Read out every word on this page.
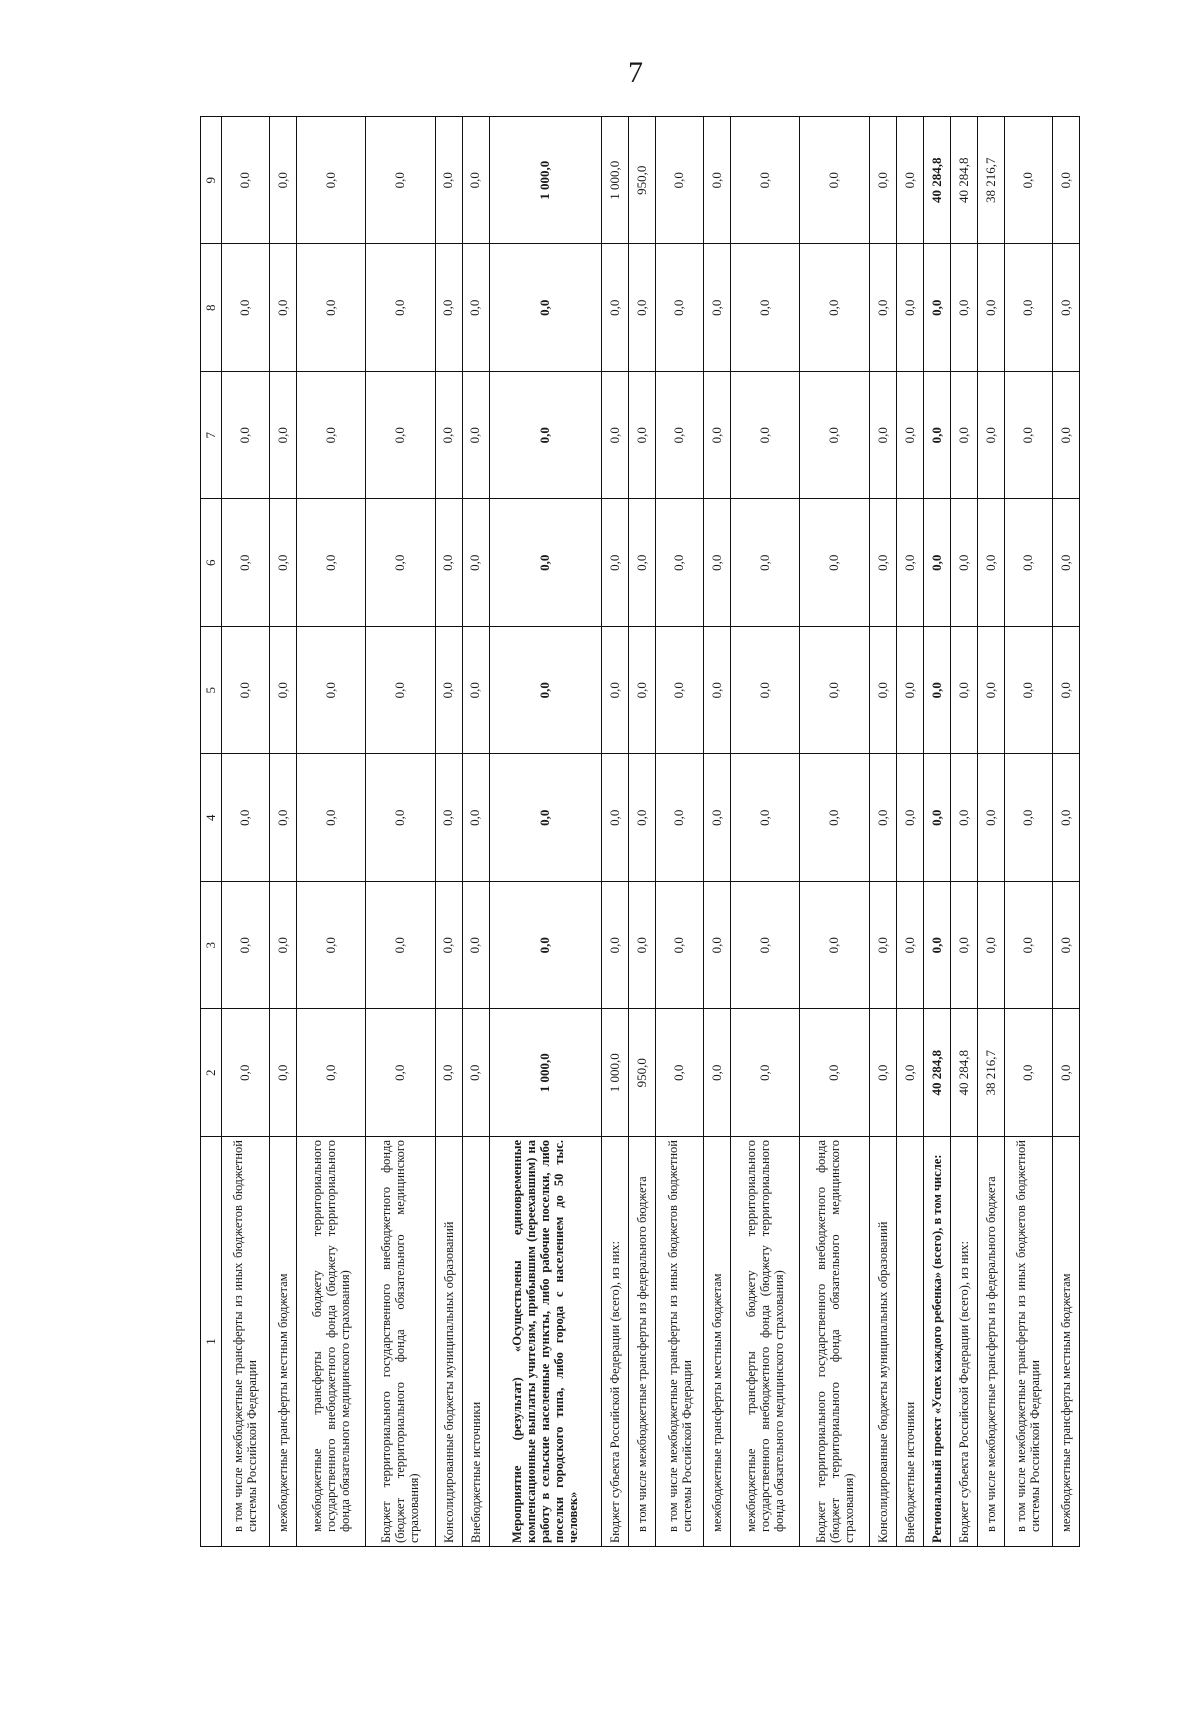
7
1	2	3	4	5	6	7	8	9
в том числе межбюджетные трансферты из иных бюджетов бюджетной системы Российской Федерации	0,0	0,0	0,0	0,0	0,0	0,0	0,0	0,0
межбюджетные трансферты местным бюджетам	0,0	0,0	0,0	0,0	0,0	0,0	0,0	0,0
межбюджетные трансферты бюджету территориального государственного внебюджетного фонда (бюджету территориального фонда обязательного медицинского страхования)	0,0	0,0	0,0	0,0	0,0	0,0	0,0	0,0
Бюджет территориального государственного внебюджетного фонда (бюджет территориального фонда обязательного медицинского страхования)	0,0	0,0	0,0	0,0	0,0	0,0	0,0	0,0
Консолидированные бюджеты муниципальных образований	0,0	0,0	0,0	0,0	0,0	0,0	0,0	0,0
Внебюджетные источники	0,0	0,0	0,0	0,0	0,0	0,0	0,0	0,0
Мероприятие (результат) «Осуществлены единовременные компенсационные выплаты учителям, прибывшим (переехавшим) на работу в сельские населенные пункты, либо рабочие поселки, либо поселки городского типа, либо города с населением до 50 тыс. человек»	1 000,0	0,0	0,0	0,0	0,0	0,0	0,0	1 000,0
Бюджет субъекта Российской Федерации (всего), из них:	1 000,0	0,0	0,0	0,0	0,0	0,0	0,0	1 000,0
в том числе межбюджетные трансферты из федерального бюджета	950,0	0,0	0,0	0,0	0,0	0,0	0,0	950,0
в том числе межбюджетные трансферты из иных бюджетов бюджетной системы Российской Федерации	0,0	0,0	0,0	0,0	0,0	0,0	0,0	0,0
межбюджетные трансферты местным бюджетам	0,0	0,0	0,0	0,0	0,0	0,0	0,0	0,0
межбюджетные трансферты бюджету территориального государственного внебюджетного фонда (бюджету территориального фонда обязательного медицинского страхования)	0,0	0,0	0,0	0,0	0,0	0,0	0,0	0,0
Бюджет территориального государственного внебюджетного фонда (бюджет территориального фонда обязательного медицинского страхования)	0,0	0,0	0,0	0,0	0,0	0,0	0,0	0,0
Консолидированные бюджеты муниципальных образований	0,0	0,0	0,0	0,0	0,0	0,0	0,0	0,0
Внебюджетные источники	0,0	0,0	0,0	0,0	0,0	0,0	0,0	0,0
Региональный проект «Успех каждого ребенка» (всего), в том числе:	40 284,8	0,0	0,0	0,0	0,0	0,0	0,0	40 284,8
Бюджет субъекта Российской Федерации (всего), из них:	40 284,8	0,0	0,0	0,0	0,0	0,0	0,0	40 284,8
в том числе межбюджетные трансферты из федерального бюджета	38 216,7	0,0	0,0	0,0	0,0	0,0	0,0	38 216,7
в том числе межбюджетные трансферты из иных бюджетов бюджетной системы Российской Федерации	0,0	0,0	0,0	0,0	0,0	0,0	0,0	0,0
межбюджетные трансферты местным бюджетам	0,0	0,0	0,0	0,0	0,0	0,0	0,0	0,0
